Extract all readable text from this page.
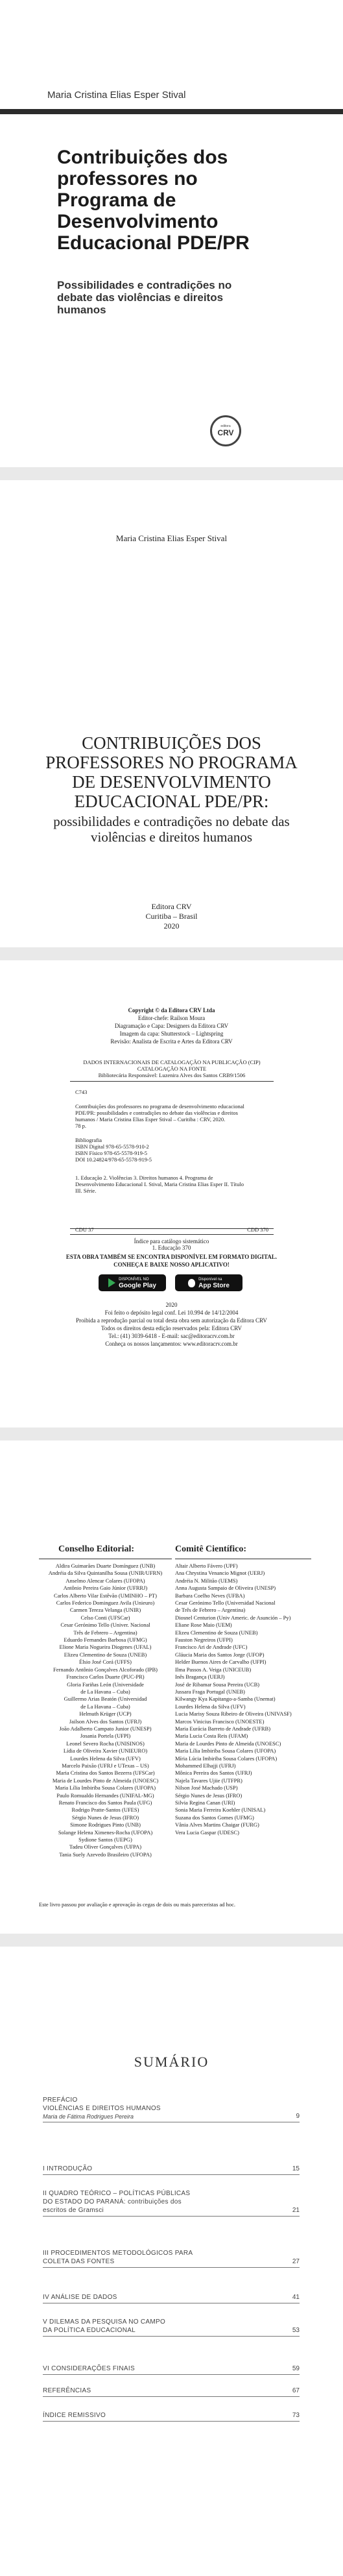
Maria Cristina Elias Esper Stival
Contribuições dos professores no Programa de Desenvolvimento Educacional PDE/PR
Possibilidades e contradições no debate das violências e direitos humanos
editora
CRV
Maria Cristina Elias Esper Stival
CONTRIBUIÇÕES DOS PROFESSORES NO PROGRAMA DE DESENVOLVIMENTO EDUCACIONAL PDE/PR:
possibilidades e contradições no debate das violências e direitos humanos
Editora CRV
Curitiba – Brasil
2020
Copyright © da Editora CRV Ltda
Editor-chefe: Railson Moura
Diagramação e Capa: Designers da Editora CRV
Imagem da capa: Shutterstock – Lightspring
Revisão: Analista de Escrita e Artes da Editora CRV
DADOS INTERNACIONAIS DE CATALOGAÇÃO NA PUBLICAÇÃO (CIP)
CATALOGAÇÃO NA FONTE
Bibliotecária Responsável: Luzenira Alves dos Santos CRB9/1506
C743
Contribuições dos professores no programa de desenvolvimento educacional
PDE/PR: possibilidades e contradições no debate das violências e direitos
humanos / Maria Cristina Elias Esper Stival – Curitiba : CRV, 2020.
78 p.
Bibliografia
ISBN Digital 978-65-5578-910-2
ISBN Físico 978-65-5578-919-5
DOI 10.24824/978-65-5578-919-5
1. Educação 2. Violências 3. Direitos humanos 4. Programa de
Desenvolvimento Educacional I. Stival, Maria Cristina Elias Esper II. Título
III. Série.
CDU 37	CDD 370
Índice para catálogo sistemático
1. Educação 370
ESTA OBRA TAMBÉM SE ENCONTRA DISPONÍVEL EM FORMATO DIGITAL.
CONHEÇA E BAIXE NOSSO APLICATIVO!
DISPONÍVEL NO
Google Play
Disponível na
App Store
2020
Foi feito o depósito legal conf. Lei 10.994 de 14/12/2004
Proibida a reprodução parcial ou total desta obra sem autorização da Editora CRV
Todos os direitos desta edição reservados pela: Editora CRV
Tel.: (41) 3039-6418 - E-mail: sac@editoracrv.com.br
Conheça os nossos lançamentos: www.editoracrv.com.br
Conselho Editorial:	Comitê Científico:
Aldira Guimarães Duarte Domínguez (UNB)
Andréia da Silva Quintanilha Sousa (UNIR/UFRN)
Anselmo Alencar Colares (UFOPA)
Antônio Pereira Gaio Júnior (UFRRJ)
Carlos Alberto Vilar Estêvão (UMINHO – PT)
Carlos Federico Dominguez Avila (Unieuro)
Carmen Tereza Velanga (UNIR)
Celso Conti (UFSCar)
Cesar Gerónimo Tello (Univer. Nacional
Três de Febrero – Argentina)
Eduardo Fernandes Barbosa (UFMG)
Elione Maria Nogueira Diogenes (UFAL)
Elizeu Clementino de Souza (UNEB)
Élsio José Corá (UFFS)
Fernando Antônio Gonçalves Alcoforado (IPB)
Francisco Carlos Duarte (PUC-PR)
Gloria Fariñas León (Universidade
de La Havana – Cuba)
Guillermo Arias Beatón (Universidad
de La Havana – Cuba)
Helmuth Krüger (UCP)
Jailson Alves dos Santos (UFRJ)
João Adalberto Campato Junior (UNESP)
Josania Portela (UFPI)
Leonel Severo Rocha (UNISINOS)
Lídia de Oliveira Xavier (UNIEURO)
Lourdes Helena da Silva (UFV)
Marcelo Paixão (UFRJ e UTexas – US)
Maria Cristina dos Santos Bezerra (UFSCar)
Maria de Lourdes Pinto de Almeida (UNOESC)
Maria Lília Imbiriba Sousa Colares (UFOPA)
Paulo Romualdo Hernandes (UNIFAL-MG)
Renato Francisco dos Santos Paula (UFG)
Rodrigo Pratte-Santos (UFES)
Sérgio Nunes de Jesus (IFRO)
Simone Rodrigues Pinto (UNB)
Solange Helena Ximenes-Rocha (UFOPA)
Sydione Santos (UEPG)
Tadeu Oliver Gonçalves (UFPA)
Tania Suely Azevedo Brasileiro (UFOPA)
Altair Alberto Fávero (UPF)
Ana Chrystina Venancio Mignot (UERJ)
Andréia N. Militão (UEMS)
Anna Augusta Sampaio de Oliveira (UNESP)
Barbara Coelho Neves (UFBA)
Cesar Gerónimo Tello (Universidad Nacional
de Três de Febrero – Argentina)
Diosnel Centurion (Univ Americ. de Asunción – Py)
Eliane Rose Maio (UEM)
Elizeu Clementino de Souza (UNEB)
Fauston Negreiros (UFPI)
Francisco Ari de Andrade (UFC)
Gláucia Maria dos Santos Jorge (UFOP)
Helder Buenos Aires de Carvalho (UFPI)
Ilma Passos A. Veiga (UNICEUB)
Inês Bragança (UERJ)
José de Ribamar Sousa Pereira (UCB)
Jussara Fraga Portugal (UNEB)
Kilwangy Kya Kapitango-a-Samba (Unemat)
Lourdes Helena da Silva (UFV)
Lucia Marisy Souza Ribeiro de Oliveira (UNIVASF)
Marcos Vinicius Francisco (UNOESTE)
Maria Eurácia Barreto de Andrade (UFRB)
Maria Lucia Costa Reis (UFAM)
Maria de Lourdes Pinto de Almeida (UNOESC)
Maria Lília Imbiriba Sousa Colares (UFOPA)
Míria Lúcia Imbiriba Sousa Colares (UFOPA)
Mohammed Elhajji (UFRJ)
Mônica Pereira dos Santos (UFRJ)
Najela Tavares Ujiie (UTFPR)
Nilson José Machado (USP)
Sérgio Nunes de Jesus (IFRO)
Silvia Regina Canan (URI)
Sonia Maria Ferreira Koehler (UNISAL)
Suzana dos Santos Gomes (UFMG)
Vânia Alves Martins Chaigar (FURG)
Vera Lucia Gaspar (UDESC)
Este livro passou por avaliação e aprovação às cegas de dois ou mais pareceristas ad hoc.
SUMÁRIO
PREFÁCIO
VIOLÊNCIAS E DIREITOS HUMANOS
Maria de Fátima Rodrigues Pereira	9
I INTRODUÇÃO	15
II QUADRO TEÓRICO – POLÍTICAS PÚBLICAS
DO ESTADO DO PARANÁ: contribuições dos
escritos de Gramsci	21
III PROCEDIMENTOS METODOLÓGICOS PARA
COLETA DAS FONTES	27
IV ANÁLISE DE DADOS	41
V DILEMAS DA PESQUISA NO CAMPO
DA POLÍTICA EDUCACIONAL	53
VI CONSIDERAÇÕES FINAIS	59
REFERÊNCIAS	67
ÍNDICE REMISSIVO	73
